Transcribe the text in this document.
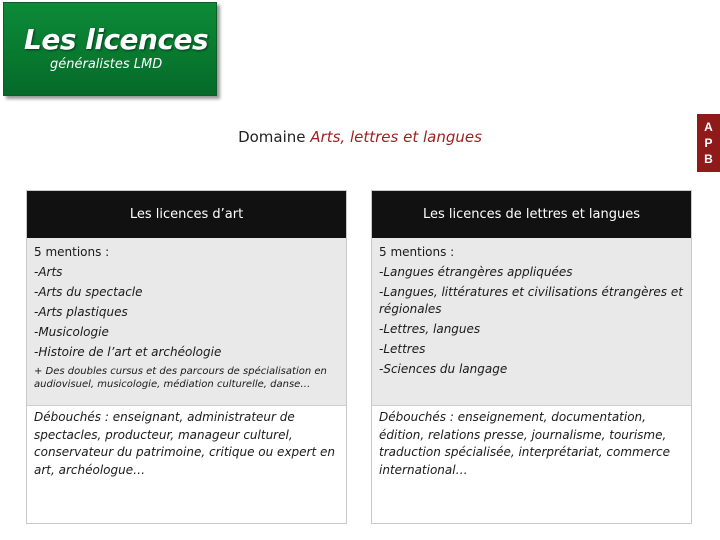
Les licences
généralistes LMD
A
P
B
Domaine Arts, lettres et langues
Les licences d’art
5 mentions :
-Arts
-Arts du spectacle
-Arts plastiques
-Musicologie
-Histoire de l’art et archéologie
+ Des doubles cursus et des parcours de spécialisation en audiovisuel, musicologie, médiation culturelle, danse…
Débouchés : enseignant, administrateur de spectacles, producteur, manageur culturel, conservateur du patrimoine, critique ou expert en art, archéologue…
Les licences de lettres et langues
5 mentions :
-Langues étrangères appliquées
-Langues, littératures et civilisations étrangères et régionales
-Lettres, langues
-Lettres
-Sciences du langage
Débouchés : enseignement, documentation, édition, relations presse, journalisme, tourisme, traduction spécialisée, interprétariat, commerce international…
